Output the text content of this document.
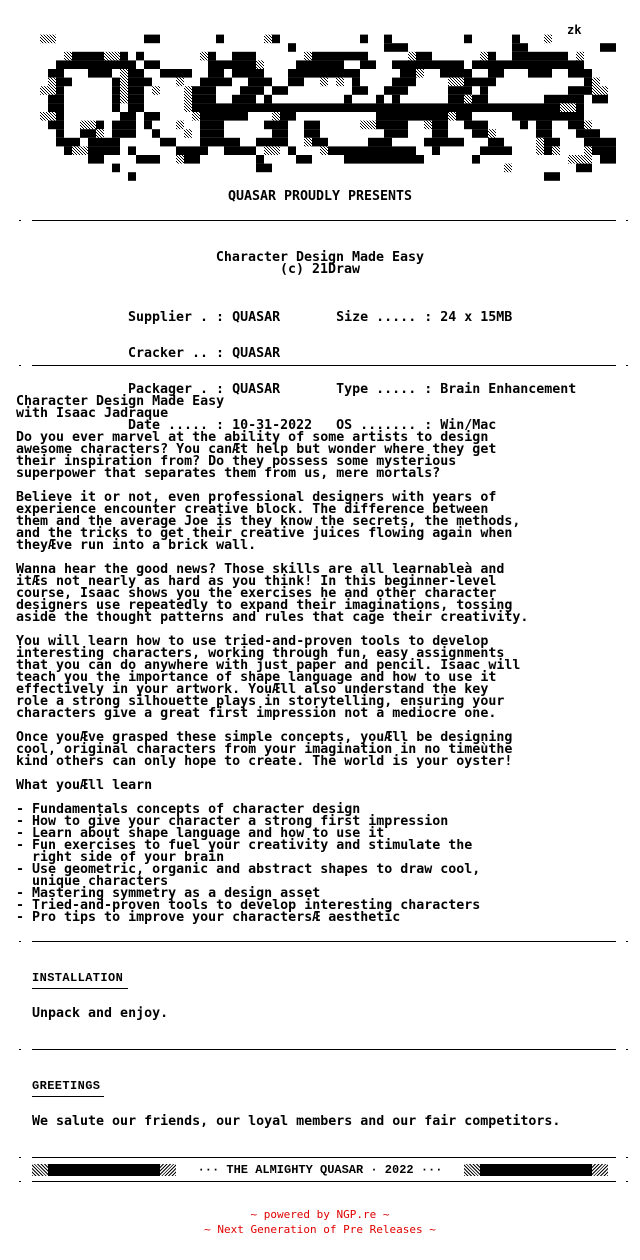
zk
QUASAR PROUDLY PRESENTS
Character Design Made Easy
(c) 21Draw

Supplier . : QUASAR       Size ..... : 24 x 15MB

Cracker .. : QUASAR

Packager . : QUASAR       Type ..... : Brain Enhancement

Date ..... : 10-31-2022   OS ....... : Win/Mac

Character Design Made Easy
with Isaac Jadraque
Do you ever marvel at the ability of some artists to design
awesome characters? You canÆt help but wonder where they get
their inspiration from? Do they possess some mysterious
superpower that separates them from us, mere mortals?
Believe it or not, even professional designers with years of
experience encounter creative block. The difference between
them and the average Joe is they know the secrets, the methods,
and the tricks to get their creative juices flowing again when
theyÆve run into a brick wall.
Wanna hear the good news? Those skills are all learnableà and
itÆs not nearly as hard as you think! In this beginner-level
course, Isaac shows you the exercises he and other character
designers use repeatedly to expand their imaginations, tossing
aside the thought patterns and rules that cage their creativity.
You will learn how to use tried-and-proven tools to develop
interesting characters, working through fun, easy assignments
that you can do anywhere with just paper and pencil. Isaac will
teach you the importance of shape language and how to use it
effectively in your artwork. YouÆll also understand the key
role a strong silhouette plays in storytelling, ensuring your
characters give a great first impression not a mediocre one.
Once youÆve grasped these simple concepts, youÆll be designing
cool, original characters from your imagination in no timeùthe
kind others can only hope to create. The world is your oyster!
What youÆll learn
- Fundamentals concepts of character design
- How to give your character a strong first impression
- Learn about shape language and how to use it
- Fun exercises to fuel your creativity and stimulate the
right side of your brain
- Use geometric, organic and abstract shapes to draw cool,
unique characters
- Mastering symmetry as a design asset
- Tried-and-proven tools to develop interesting characters
- Pro tips to improve your charactersÆ aesthetic
INSTALLATION
Unpack and enjoy.
GREETINGS
We salute our friends, our loyal members and our fair competitors.
··· THE ALMIGHTY QUASAR · 2022 ···
~ powered by NGP.re ~
~ Next Generation of Pre Releases ~
